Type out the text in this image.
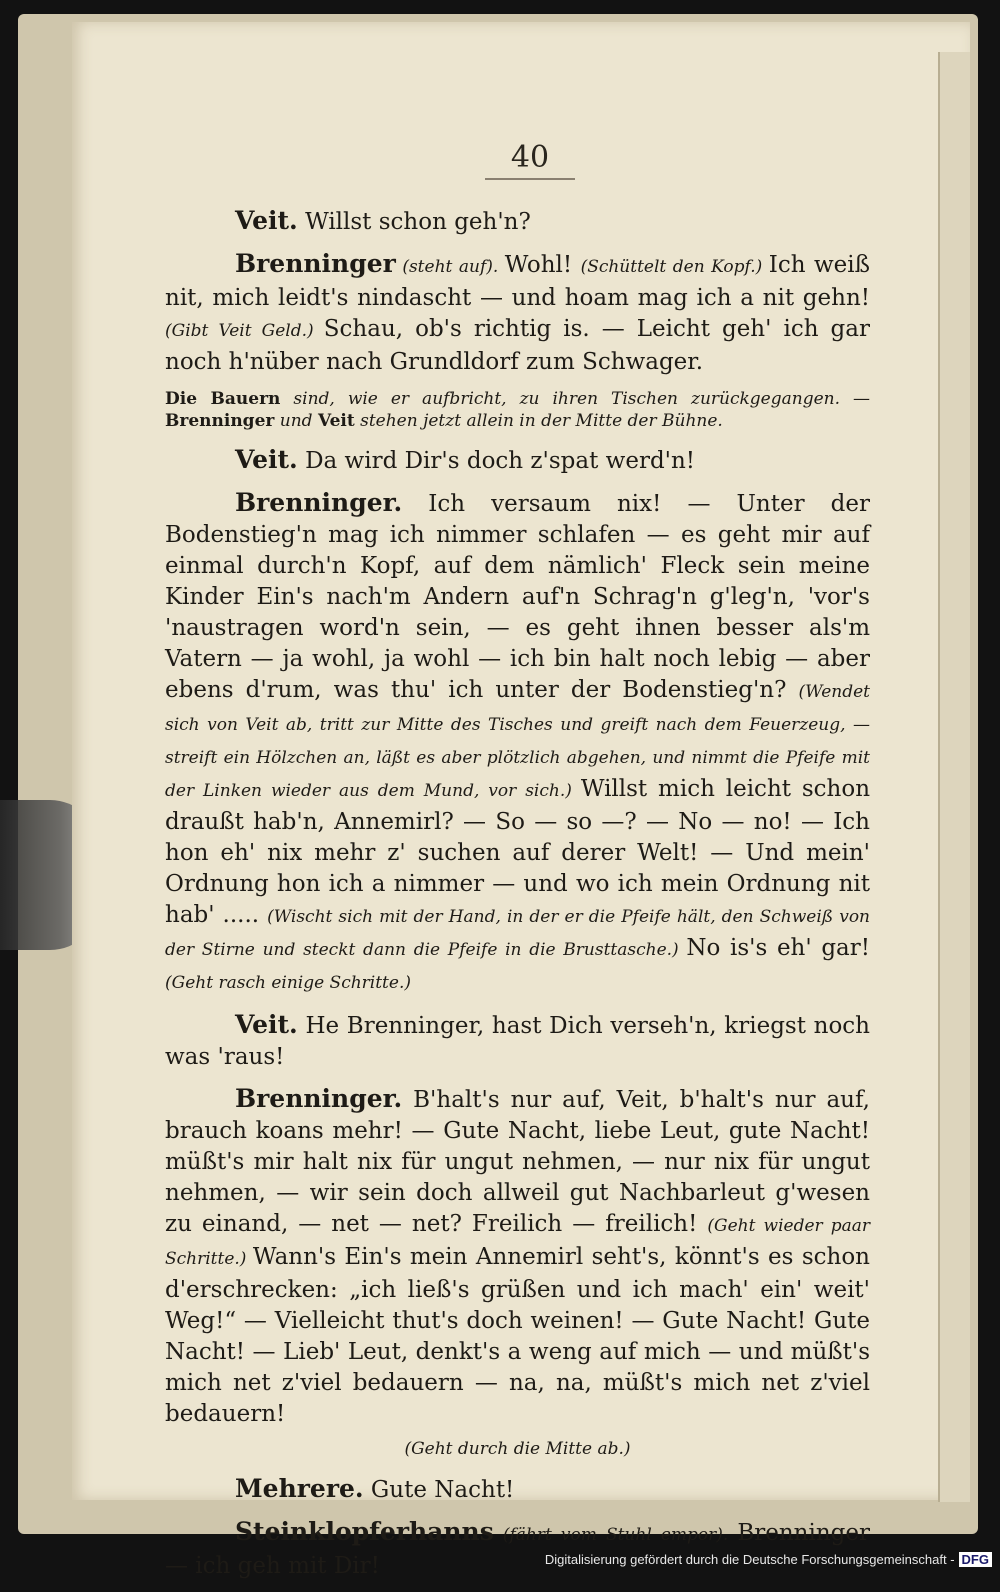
40

Veit. Willst schon geh'n?

Brenninger (steht auf). Wohl! (Schüttelt den Kopf.) Ich weiß nit, mich leidt's nindascht — und hoam mag ich a nit gehn! (Gibt Veit Geld.) Schau, ob's richtig is. — Leicht geh' ich gar noch h'nüber nach Grundldorf zum Schwager.

Die Bauern sind, wie er aufbricht, zu ihren Tischen zurückgegangen. — Brenninger und Veit stehen jetzt allein in der Mitte der Bühne.

Veit. Da wird Dir's doch z'spat werd'n!

Brenninger. Ich versaum nix! — Unter der Bodenstieg'n mag ich nimmer schlafen — es geht mir auf einmal durch'n Kopf, auf dem nämlich' Fleck sein meine Kinder Ein's nach'm Andern auf'n Schrag'n g'leg'n, 'vor's 'naustragen word'n sein, — es geht ihnen besser als'm Vatern — ja wohl, ja wohl — ich bin halt noch lebig — aber ebens d'rum, was thu' ich unter der Bodenstieg'n? (Wendet sich von Veit ab, tritt zur Mitte des Tisches und greift nach dem Feuerzeug, — streift ein Hölzchen an, läßt es aber plötzlich abgehen, und nimmt die Pfeife mit der Linken wieder aus dem Mund, vor sich.) Willst mich leicht schon draußt hab'n, Annemirl? — So — so —? — No — no! — Ich hon eh' nix mehr z' suchen auf derer Welt! — Und mein' Ordnung hon ich a nimmer — und wo ich mein Ordnung nit hab' ..... (Wischt sich mit der Hand, in der er die Pfeife hält, den Schweiß von der Stirne und steckt dann die Pfeife in die Brusttasche.) No is's eh' gar! (Geht rasch einige Schritte.)

Veit. He Brenninger, hast Dich verseh'n, kriegst noch was 'raus!

Brenninger. B'halt's nur auf, Veit, b'halt's nur auf, brauch koans mehr! — Gute Nacht, liebe Leut, gute Nacht! müßt's mir halt nix für ungut nehmen, — nur nix für ungut nehmen, — wir sein doch allweil gut Nachbarleut g'wesen zu einand, — net — net? Freilich — freilich! (Geht wieder paar Schritte.) Wann's Ein's mein Annemirl seht's, könnt's es schon d'erschrecken: „ich ließ's grüßen und ich mach' ein' weit' Weg!“ — Vielleicht thut's doch weinen! — Gute Nacht! Gute Nacht! — Lieb' Leut, denkt's a weng auf mich — und müßt's mich net z'viel bedauern — na, na, müßt's mich net z'viel bedauern!

(Geht durch die Mitte ab.)

Mehrere. Gute Nacht!

Steinklopferhanns (fährt vom Stuhl empor). Brenninger — ich geh mit Dir!	Digitalisierung gefördert durch die Deutsche Forschungsgemeinschaft - DFG
